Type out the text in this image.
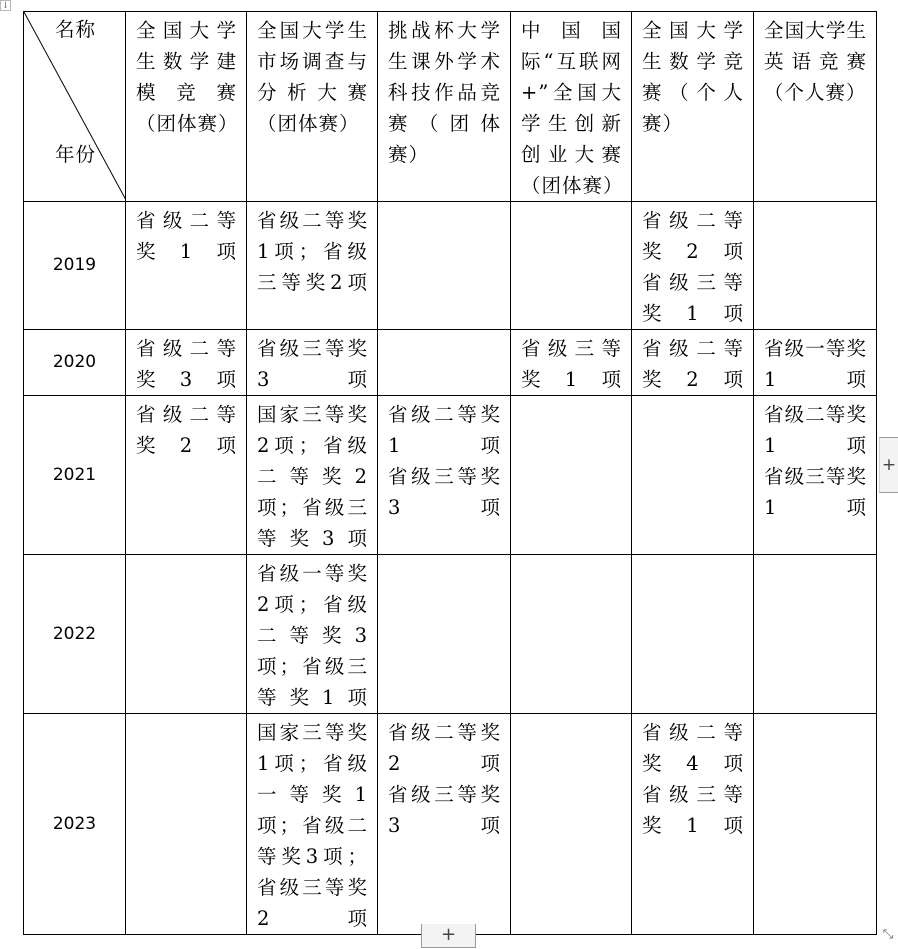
↓
名称
年份	全国大学生数学建模竞赛（团体赛）	全国大学生市场调查与分析大赛（团体赛）	挑战杯大学生课外学术科技作品竞赛（团体赛）	中国国际“互联网+”全国大学生创新创业大赛（团体赛）	全国大学生数学竞赛（个人赛）	全国大学生英语竞赛（个人赛）
2019	省级二等奖1项	省级二等奖1项；省级三等奖2项			省级二等奖2项
省级三等奖1项	

2020	省级二等奖3项	省级三等奖3项		省级三等奖1项	省级二等奖2项	省级一等奖1项

2021	省级二等奖2项	国家三等奖2项；省级二等奖2项；省级三等奖3项	省级二等奖1项
省级三等奖3项			省级二等奖1项
省级三等奖1项

2022		省级一等奖2项；省级二等奖3项；省级三等奖1项				

2023		国家三等奖1项；省级一等奖1项；省级二等奖3项；省级三等奖2项	省级二等奖2项
省级三等奖3项		省级二等奖4项
省级三等奖1项	

+
+	⤡
